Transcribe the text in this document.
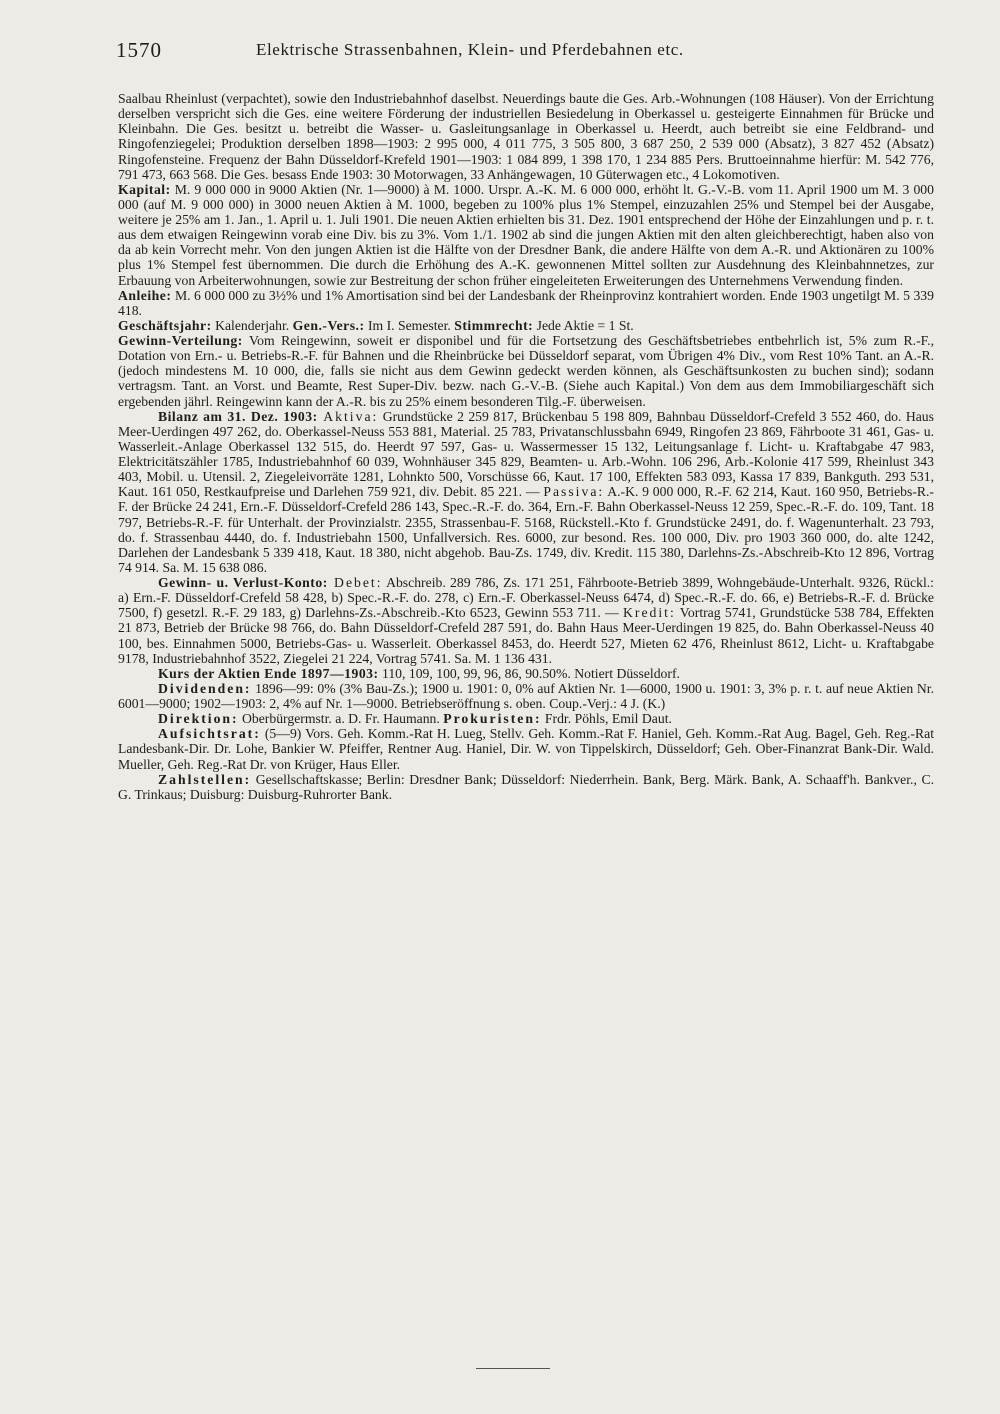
1570	Elektrische Strassenbahnen, Klein- und Pferdebahnen etc.

Saalbau Rheinlust (verpachtet), sowie den Industriebahnhof daselbst. Neuerdings baute die Ges. Arb.-Wohnungen (108 Häuser). Von der Errichtung derselben verspricht sich die Ges. eine weitere Förderung der industriellen Besiedelung in Oberkassel u. gesteigerte Einnahmen für Brücke und Kleinbahn. Die Ges. besitzt u. betreibt die Wasser- u. Gasleitungsanlage in Oberkassel u. Heerdt, auch betreibt sie eine Feldbrand- und Ringofenziegelei; Produktion derselben 1898—1903: 2 995 000, 4 011 775, 3 505 800, 3 687 250, 2 539 000 (Absatz), 3 827 452 (Absatz) Ringofensteine. Frequenz der Bahn Düsseldorf-Krefeld 1901—1903: 1 084 899, 1 398 170, 1 234 885 Pers. Bruttoeinnahme hierfür: M. 542 776, 791 473, 663 568. Die Ges. besass Ende 1903: 30 Motorwagen, 33 Anhängewagen, 10 Güterwagen etc., 4 Lokomotiven.

Kapital: M. 9 000 000 in 9000 Aktien (Nr. 1—9000) à M. 1000. Urspr. A.-K. M. 6 000 000, erhöht lt. G.-V.-B. vom 11. April 1900 um M. 3 000 000 (auf M. 9 000 000) in 3000 neuen Aktien à M. 1000, begeben zu 100% plus 1% Stempel, einzuzahlen 25% und Stempel bei der Ausgabe, weitere je 25% am 1. Jan., 1. April u. 1. Juli 1901. Die neuen Aktien erhielten bis 31. Dez. 1901 entsprechend der Höhe der Einzahlungen und p. r. t. aus dem etwaigen Reingewinn vorab eine Div. bis zu 3%. Vom 1./1. 1902 ab sind die jungen Aktien mit den alten gleichberechtigt, haben also von da ab kein Vorrecht mehr. Von den jungen Aktien ist die Hälfte von der Dresdner Bank, die andere Hälfte von dem A.-R. und Aktionären zu 100% plus 1% Stempel fest übernommen. Die durch die Erhöhung des A.-K. gewonnenen Mittel sollten zur Ausdehnung des Kleinbahnnetzes, zur Erbauung von Arbeiterwohnungen, sowie zur Bestreitung der schon früher eingeleiteten Erweiterungen des Unternehmens Verwendung finden.

Anleihe: M. 6 000 000 zu 3½% und 1% Amortisation sind bei der Landesbank der Rheinprovinz kontrahiert worden. Ende 1903 ungetilgt M. 5 339 418.

Geschäftsjahr: Kalenderjahr. Gen.-Vers.: Im I. Semester. Stimmrecht: Jede Aktie = 1 St.

Gewinn-Verteilung: Vom Reingewinn, soweit er disponibel und für die Fortsetzung des Geschäftsbetriebes entbehrlich ist, 5% zum R.-F., Dotation von Ern.- u. Betriebs-R.-F. für Bahnen und die Rheinbrücke bei Düsseldorf separat, vom Übrigen 4% Div., vom Rest 10% Tant. an A.-R. (jedoch mindestens M. 10 000, die, falls sie nicht aus dem Gewinn gedeckt werden können, als Geschäftsunkosten zu buchen sind); sodann vertragsm. Tant. an Vorst. und Beamte, Rest Super-Div. bezw. nach G.-V.-B. (Siehe auch Kapital.) Von dem aus dem Immobiliargeschäft sich ergebenden jährl. Reingewinn kann der A.-R. bis zu 25% einem besonderen Tilg.-F. überweisen.

Bilanz am 31. Dez. 1903: Aktiva: Grundstücke 2 259 817, Brückenbau 5 198 809, Bahnbau Düsseldorf-Crefeld 3 552 460, do. Haus Meer-Uerdingen 497 262, do. Oberkassel-Neuss 553 881, Material. 25 783, Privatanschlussbahn 6949, Ringofen 23 869, Fährboote 31 461, Gas- u. Wasserleit.-Anlage Oberkassel 132 515, do. Heerdt 97 597, Gas- u. Wassermesser 15 132, Leitungsanlage f. Licht- u. Kraftabgabe 47 983, Elektricitätszähler 1785, Industriebahnhof 60 039, Wohnhäuser 345 829, Beamten- u. Arb.-Wohn. 106 296, Arb.-Kolonie 417 599, Rheinlust 343 403, Mobil. u. Utensil. 2, Ziegeleivorräte 1281, Lohnkto 500, Vorschüsse 66, Kaut. 17 100, Effekten 583 093, Kassa 17 839, Bankguth. 293 531, Kaut. 161 050, Restkaufpreise und Darlehen 759 921, div. Debit. 85 221. — Passiva: A.-K. 9 000 000, R.-F. 62 214, Kaut. 160 950, Betriebs-R.-F. der Brücke 24 241, Ern.-F. Düsseldorf-Crefeld 286 143, Spec.-R.-F. do. 364, Ern.-F. Bahn Oberkassel-Neuss 12 259, Spec.-R.-F. do. 109, Tant. 18 797, Betriebs-R.-F. für Unterhalt. der Provinzialstr. 2355, Strassenbau-F. 5168, Rückstell.-Kto f. Grundstücke 2491, do. f. Wagenunterhalt. 23 793, do. f. Strassenbau 4440, do. f. Industriebahn 1500, Unfallversich. Res. 6000, zur besond. Res. 100 000, Div. pro 1903 360 000, do. alte 1242, Darlehen der Landesbank 5 339 418, Kaut. 18 380, nicht abgehob. Bau-Zs. 1749, div. Kredit. 115 380, Darlehns-Zs.-Abschreib-Kto 12 896, Vortrag 74 914. Sa. M. 15 638 086.

Gewinn- u. Verlust-Konto: Debet: Abschreib. 289 786, Zs. 171 251, Fährboote-Betrieb 3899, Wohngebäude-Unterhalt. 9326, Rückl.: a) Ern.-F. Düsseldorf-Crefeld 58 428, b) Spec.-R.-F. do. 278, c) Ern.-F. Oberkassel-Neuss 6474, d) Spec.-R.-F. do. 66, e) Betriebs-R.-F. d. Brücke 7500, f) gesetzl. R.-F. 29 183, g) Darlehns-Zs.-Abschreib.-Kto 6523, Gewinn 553 711. — Kredit: Vortrag 5741, Grundstücke 538 784, Effekten 21 873, Betrieb der Brücke 98 766, do. Bahn Düsseldorf-Crefeld 287 591, do. Bahn Haus Meer-Uerdingen 19 825, do. Bahn Oberkassel-Neuss 40 100, bes. Einnahmen 5000, Betriebs-Gas- u. Wasserleit. Oberkassel 8453, do. Heerdt 527, Mieten 62 476, Rheinlust 8612, Licht- u. Kraftabgabe 9178, Industriebahnhof 3522, Ziegelei 21 224, Vortrag 5741. Sa. M. 1 136 431.

Kurs der Aktien Ende 1897—1903: 110, 109, 100, 99, 96, 86, 90.50%. Notiert Düsseldorf.

Dividenden: 1896—99: 0% (3% Bau-Zs.); 1900 u. 1901: 0, 0% auf Aktien Nr. 1—6000, 1900 u. 1901: 3, 3% p. r. t. auf neue Aktien Nr. 6001—9000; 1902—1903: 2, 4% auf Nr. 1—9000. Betriebseröffnung s. oben. Coup.-Verj.: 4 J. (K.)

Direktion: Oberbürgermstr. a. D. Fr. Haumann. Prokuristen: Frdr. Pöhls, Emil Daut.

Aufsichtsrat: (5—9) Vors. Geh. Komm.-Rat H. Lueg, Stellv. Geh. Komm.-Rat F. Haniel, Geh. Komm.-Rat Aug. Bagel, Geh. Reg.-Rat Landesbank-Dir. Dr. Lohe, Bankier W. Pfeiffer, Rentner Aug. Haniel, Dir. W. von Tippelskirch, Düsseldorf; Geh. Ober-Finanzrat Bank-Dir. Wald. Mueller, Geh. Reg.-Rat Dr. von Krüger, Haus Eller.

Zahlstellen: Gesellschaftskasse; Berlin: Dresdner Bank; Düsseldorf: Niederrhein. Bank, Berg. Märk. Bank, A. Schaaff'h. Bankver., C. G. Trinkaus; Duisburg: Duisburg-Ruhrorter Bank.
